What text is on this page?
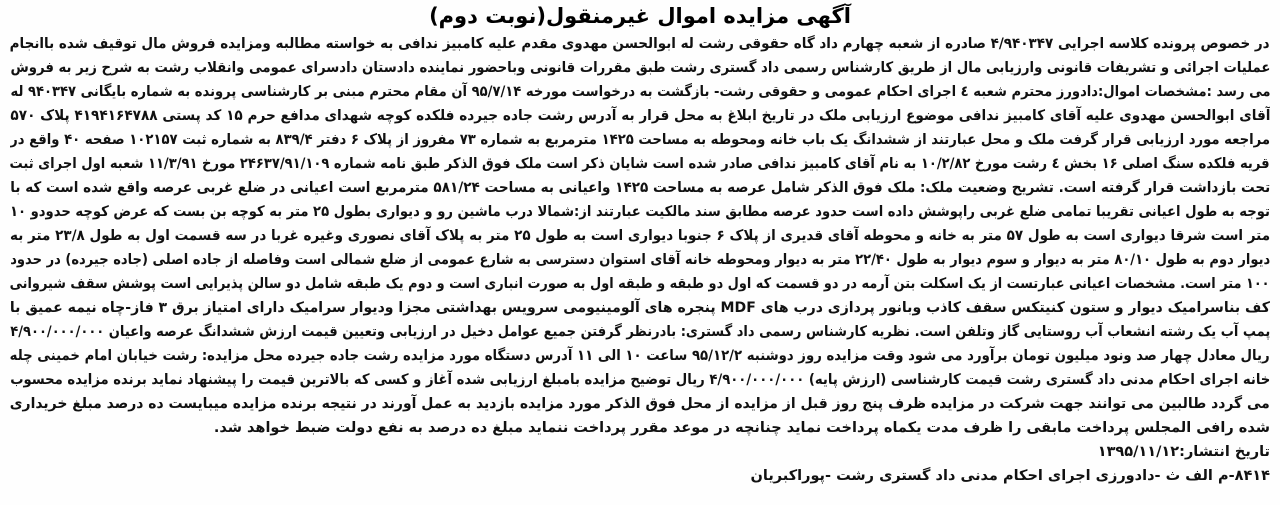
آگهی مزایده اموال غیرمنقول(نوبت دوم)
در خصوص پرونده کلاسه اجرایی ۴/۹۴۰۳۴۷ صادره از شعبه چهارم داد گاه حقوقی رشت له ابوالحسن مهدوی مقدم علیه کامبیز ندافی به خواسته مطالبه ومزایده فروش مال توقیف شده باانجام
عملیات اجرائی و تشریفات قانونی وارزیابی مال از طریق کارشناس رسمی داد گستری رشت طبق مقررات قانونی وباحضور نماینده دادستان دادسرای عمومی وانقلاب رشت به شرح زیر به فروش
می رسد :مشخصات اموال:دادورز محترم شعبه ٤ اجرای احکام عمومی و حقوقی رشت- بازگشت به درخواست مورخه ۹۵/۷/۱۴ آن مقام محترم مبنی بر کارشناسی پرونده به شماره بایگانی ۹۴۰۳۴۷ له
آقای ابوالحسن مهدوی علیه آقای کامبیز ندافی موضوع ارزیابی ملک در تاریخ ابلاغ به محل قرار به آدرس رشت جاده جیرده فلکده کوچه شهدای مدافع حرم ۱۵ کد پستی ۴۱۹۴۱۶۴۷۸۸ پلاک ۵۷۰
مراجعه مورد ارزیابی قرار گرفت ملک و محل عبارتند از ششدانگ یک باب خانه ومحوطه به مساحت ۱۴۲۵ مترمربع به شماره ۷۳ مفروز از پلاک ۶ دفتر ۸۳۹/۴ به شماره ثبت ۱۰۲۱۵۷ صفحه ۴۰ واقع در
قریه فلکده سنگ اصلی ۱۶ بخش ٤ رشت مورخ ۱۰/۲/۸۲ به نام آقای کامبیز ندافی صادر شده است شایان ذکر است ملک فوق الذکر طبق نامه شماره ۲۴۶۳۷/۹۱/۱۰۹ مورخ ۱۱/۳/۹۱ شعبه اول اجرای ثبت
تحت بازداشت قرار گرفته است. تشریح وضعیت ملک: ملک فوق الذکر شامل عرصه به مساحت ۱۴۲۵ واعیانی به مساحت ۵۸۱/۲۴ مترمربع است اعیانی در ضلع غربی عرصه واقع شده است که با
توجه به طول اعیانی تقریبا تمامی ضلع غربی راپوشش داده است حدود عرصه مطابق سند مالکیت عبارتند از:شمالا درب ماشین رو و دیواری بطول ۲۵ متر به کوچه بن بست که عرض کوچه حدودو ۱۰
متر است شرقا دیواری است به طول ۵۷ متر به خانه و محوطه آقای قدیری از پلاک ۶ جنوبا دیواری است به طول ۲۵ متر به پلاک آقای نصوری وغیره غربا در سه قسمت اول به طول ۲۳/۸ متر به
دیوار دوم به طول ۸۰/۱۰ متر به دیوار و سوم دیوار به طول ۲۲/۴۰ متر به دیوار ومحوطه خانه آقای استوان دسترسی به شارع عمومی از ضلع شمالی است وفاصله از جاده اصلی (جاده جیرده) در حدود
۱۰۰ متر است. مشخصات اعیانی عبارتست از یک اسکلت بتن آرمه در دو قسمت که اول دو طبقه و طبقه اول به صورت انباری است و دوم یک طبقه شامل دو سالن پذیرایی است پوشش سقف شیروانی
کف بناسرامیک دیوار و ستون کنیتکس سقف کاذب وبانور پردازی درب های MDF پنجره های آلومینیومی سرویس بهداشتی مجزا ودیوار سرامیک دارای امتیاز برق ۳ فاز-چاه نیمه عمیق با
پمپ آب یک رشته انشعاب آب روستایی گاز وتلفن است. نظریه کارشناس رسمی داد گستری: بادرنظر گرفتن جمیع عوامل دخیل در ارزیابی وتعیین قیمت ارزش ششدانگ عرصه واعیان ۴/۹۰۰/۰۰۰/۰۰۰
ریال معادل چهار صد ونود میلیون تومان برآورد می شود وقت مزایده روز دوشنبه ۹۵/۱۲/۲ ساعت ۱۰ الی ۱۱ آدرس دستگاه مورد مزایده رشت جاده جیرده محل مزایده: رشت خیابان امام خمینی چله
خانه اجرای احکام مدنی داد گستری رشت قیمت کارشناسی (ارزش پایه) ۴/۹۰۰/۰۰۰/۰۰۰ ریال توضیح مزایده بامبلغ ارزیابی شده آغاز و کسی که بالاترین قیمت را پیشنهاد نماید برنده مزایده محسوب
می گردد طالبین می توانند جهت شرکت در مزایده ظرف پنج روز قبل از مزایده از محل فوق الذکر مورد مزایده بازدید به عمل آورند در نتیجه برنده مزایده میبایست ده درصد مبلغ خریداری
شده رافی المجلس پرداخت مابقی را ظرف مدت یکماه پرداخت نماید چنانچه در موعد مقرر پرداخت ننماید مبلغ ده درصد به نفع دولت ضبط خواهد شد.
تاریخ انتشار:۱۳۹۵/۱۱/۱۲
۸۴۱۴-م الف ث -دادورزی اجرای احکام مدنی داد گستری رشت -پوراکبریان
